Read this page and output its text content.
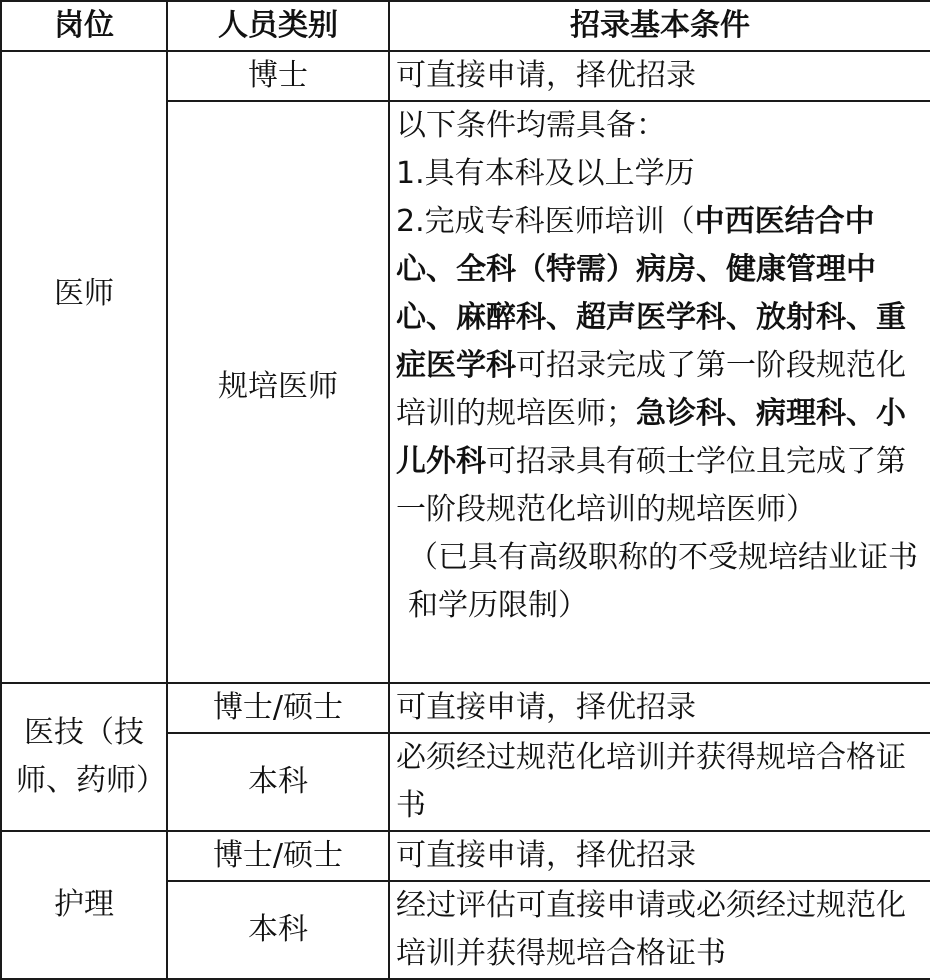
岗位	人员类别	招录基本条件
医师	博士	可直接申请，择优招录
	规培医师	以下条件均需具备：
1.具有本科及以上学历
2.完成专科医师培训（中西医结合中心、全科（特需）病房、健康管理中心、麻醉科、超声医学科、放射科、重症医学科可招录完成了第一阶段规范化培训的规培医师；急诊科、病理科、小儿外科可招录具有硕士学位且完成了第一阶段规范化培训的规培医师）
（已具有高级职称的不受规培结业证书和学历限制）

医技（技师、药师）	博士/硕士	可直接申请，择优招录
	本科	必须经过规范化培训并获得规培合格证书
护理	博士/硕士	可直接申请，择优招录
	本科	经过评估可直接申请或必须经过规范化培训并获得规培合格证书
